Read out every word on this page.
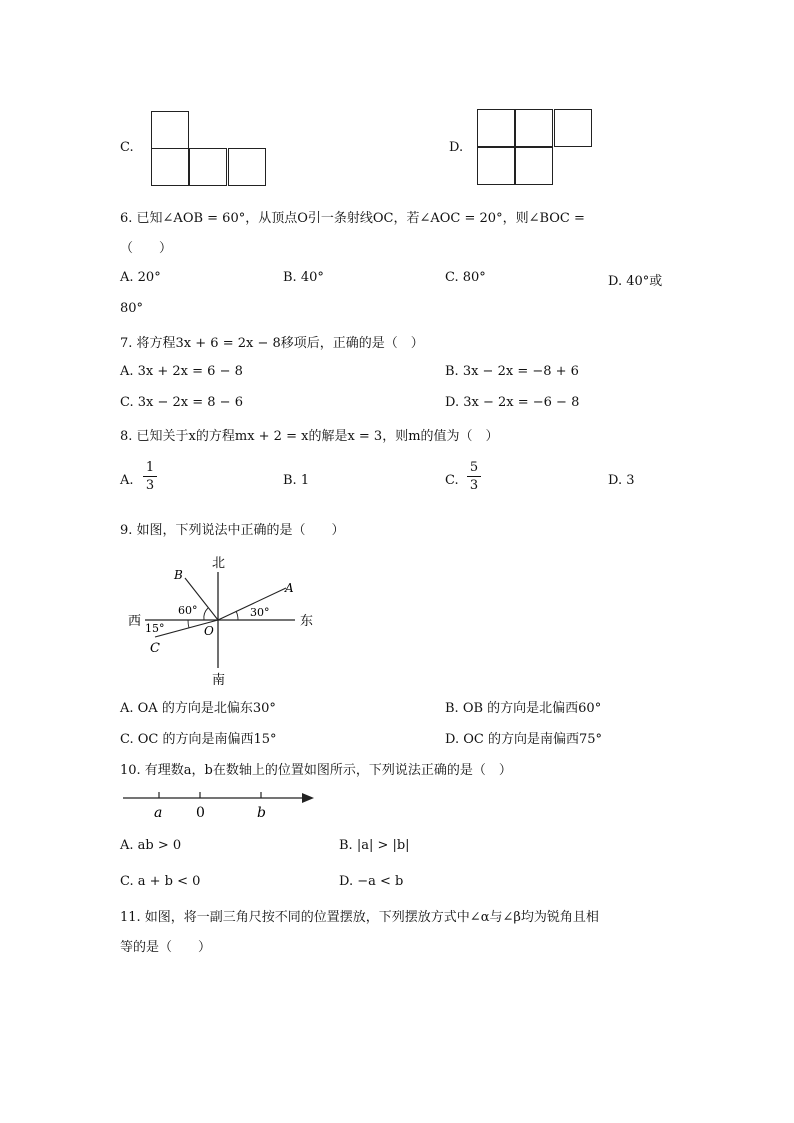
C.	D.
6. 已知∠AOB = 60°，从顶点O引一条射线OC，若∠AOC = 20°，则∠BOC =
（　　）
A. 20°	B. 40°	C. 80°	D. 40°或
80°
7. 将方程3x + 6 = 2x − 8移项后，正确的是（　）
A. 3x + 2x = 6 − 8	B. 3x − 2x = −8 + 6
C. 3x − 2x = 8 − 6	D. 3x − 2x = −6 − 8
8. 已知关于x的方程mx + 2 = x的解是x = 3，则m的值为（　）
A.
1
3	B. 1	C.
5
3	D. 3
9. 如图，下列说法中正确的是（　　）
北
南
东
西
A
B
C
O
60°	30°
15°
A. OA 的方向是北偏东30°	B. OB 的方向是北偏西60°
C. OC 的方向是南偏西15°	D. OC 的方向是南偏西75°
10. 有理数a，b在数轴上的位置如图所示，下列说法正确的是（　）
a 0	b
A. ab > 0	B. |a| > |b|
C. a + b < 0	D. −a < b
11. 如图，将一副三角尺按不同的位置摆放，下列摆放方式中∠α与∠β均为锐角且相
等的是（　　）
